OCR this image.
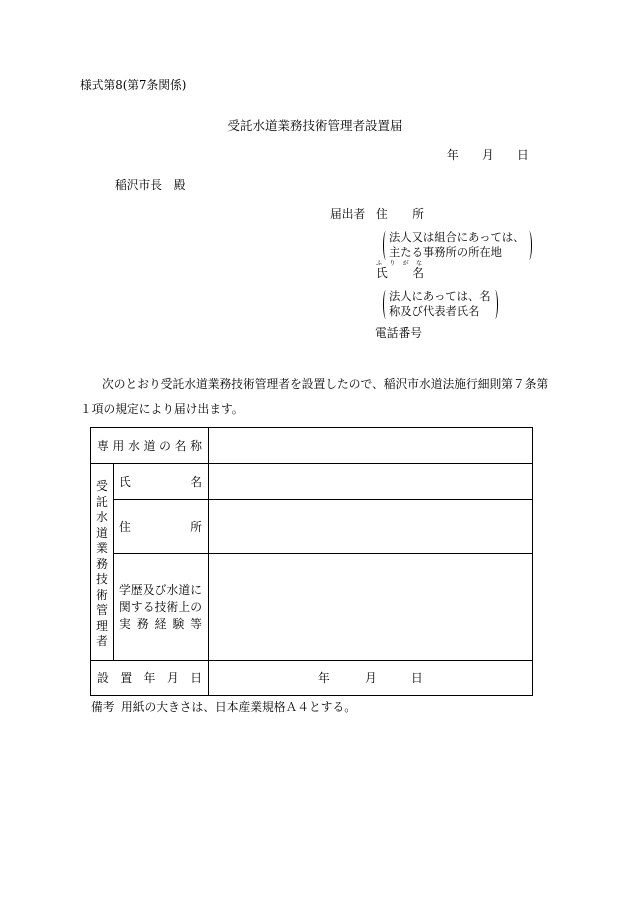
様式第8(第7条関係)
受託水道業務技術管理者設置届
年 月 日
稲沢市長　殿
届出者 住 所
法人又は組合にあっては、
主たる事務所の所在地
ふ り が な
氏 名
法人にあっては、名
称及び代表者氏名
電話番号
次のとおり受託水道業務技術管理者を設置したので、稲沢市水道法施行細則第７条第
１項の規定により届け出ます。
専 用 水 道 の 名 称
受
託
水
道
業
務
技
術
管
理
者
氏	名
住	所
学 歴 及 び 水 道 に
関 す る 技 術 上 の
実 務 経 験 等
設 置 年 月 日	年	月	日
備考 用紙の大きさは、日本産業規格Ａ４とする。
